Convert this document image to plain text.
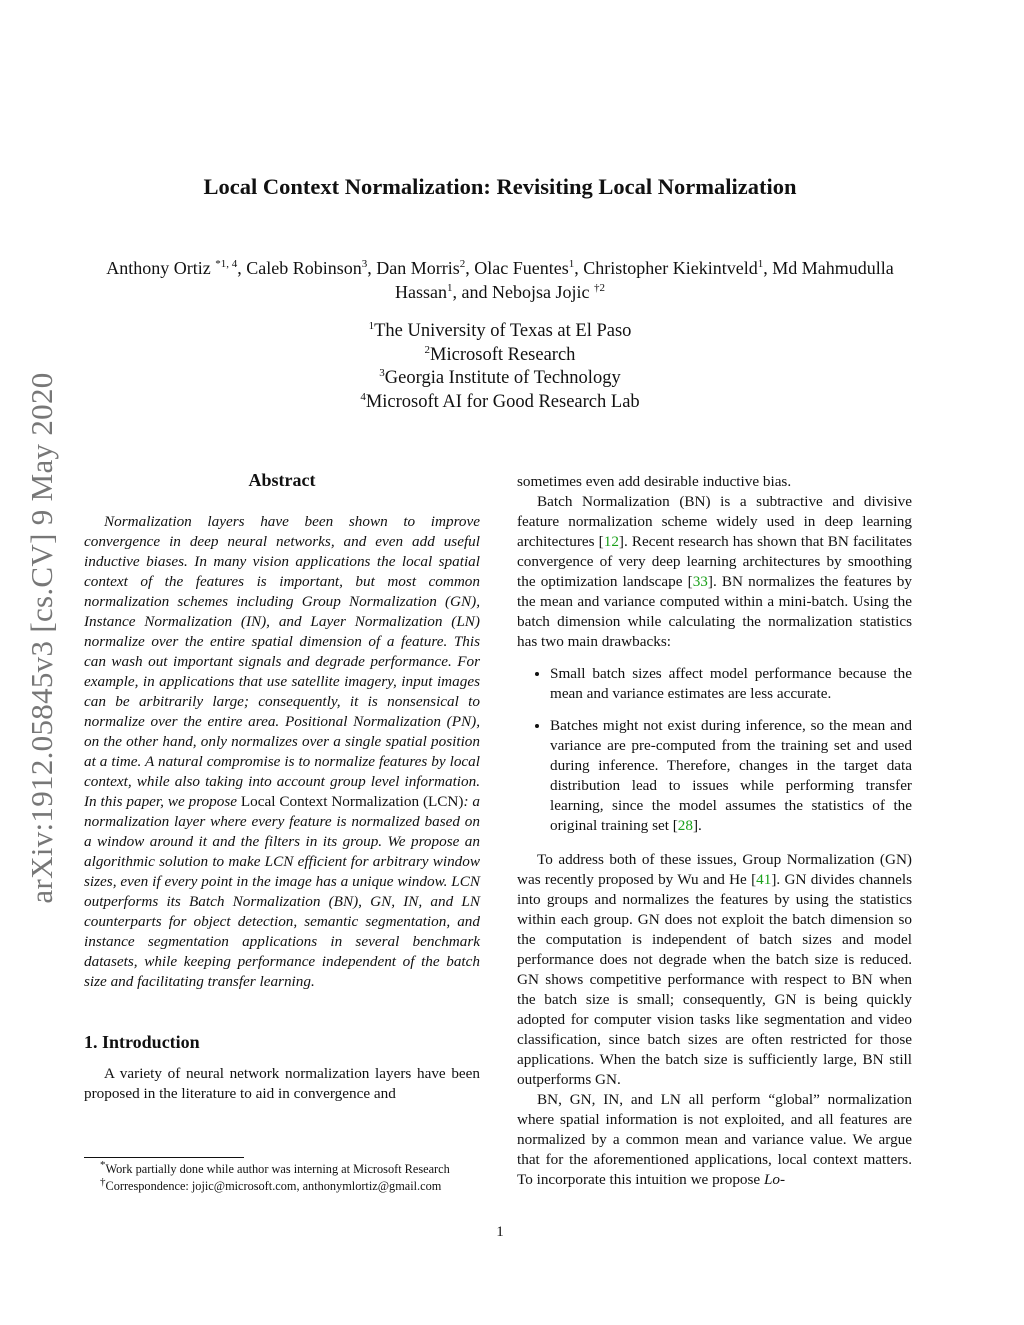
Local Context Normalization: Revisiting Local Normalization
Anthony Ortiz $^{*1, 4}$, Caleb Robinson$^3$, Dan Morris$^2$, Olac Fuentes$^1$, Christopher Kiekintveld$^1$, Md Mahmudulla Hassan$^1$, and Nebojsa Jojic $^{\dagger 2}$
$^1$The University of Texas at El Paso
$^2$Microsoft Research
$^3$Georgia Institute of Technology
$^4$Microsoft AI for Good Research Lab
arXiv:1912.05845v3 [cs.CV] 9 May 2020	Abstract

Normalization layers have been shown to improve convergence in deep neural networks, and even add useful inductive biases. In many vision applications the local spatial context of the features is important, but most common normalization schemes including Group Normalization (GN), Instance Normalization (IN), and Layer Normalization (LN) normalize over the entire spatial dimension of a feature. This can wash out important signals and degrade performance. For example, in applications that use satellite imagery, input images can be arbitrarily large; consequently, it is nonsensical to normalize over the entire area. Positional Normalization (PN), on the other hand, only normalizes over a single spatial position at a time. A natural compromise is to normalize features by local context, while also taking into account group level information. In this paper, we propose Local Context Normalization (LCN): a normalization layer where every feature is normalized based on a window around it and the filters in its group. We propose an algorithmic solution to make LCN efficient for arbitrary window sizes, even if every point in the image has a unique window. LCN outperforms its Batch Normalization (BN), GN, IN, and LN counterparts for object detection, semantic segmentation, and instance segmentation applications in several benchmark datasets, while keeping performance independent of the batch size and facilitating transfer learning.

1. Introduction

A variety of neural network normalization layers have been proposed in the literature to aid in convergence and

sometimes even add desirable inductive bias.

Batch Normalization (BN) is a subtractive and divisive feature normalization scheme widely used in deep learning architectures [12]. Recent research has shown that BN facilitates convergence of very deep learning architectures by smoothing the optimization landscape [33]. BN normalizes the features by the mean and variance computed within a mini-batch. Using the batch dimension while calculating the normalization statistics has two main drawbacks:

• Small batch sizes affect model performance because the mean and variance estimates are less accurate.
• Batches might not exist during inference, so the mean and variance are pre-computed from the training set and used during inference. Therefore, changes in the target data distribution lead to issues while performing transfer learning, since the model assumes the statistics of the original training set [28].

To address both of these issues, Group Normalization (GN) was recently proposed by Wu and He [41]. GN divides channels into groups and normalizes the features by using the statistics within each group. GN does not exploit the batch dimension so the computation is independent of batch sizes and model performance does not degrade when the batch size is reduced. GN shows competitive performance with respect to BN when the batch size is small; consequently, GN is being quickly adopted for computer vision tasks like segmentation and video classification, since batch sizes are often restricted for those applications. When the batch size is sufficiently large, BN still outperforms GN.

BN, GN, IN, and LN all perform “global” normalization where spatial information is not exploited, and all features are normalized by a common mean and variance value. We argue that for the aforementioned applications, local context matters. To incorporate this intuition we propose Lo-

*Work partially done while author was interning at Microsoft Research
†Correspondence: jojic@microsoft.com, anthonymlortiz@gmail.com
1
